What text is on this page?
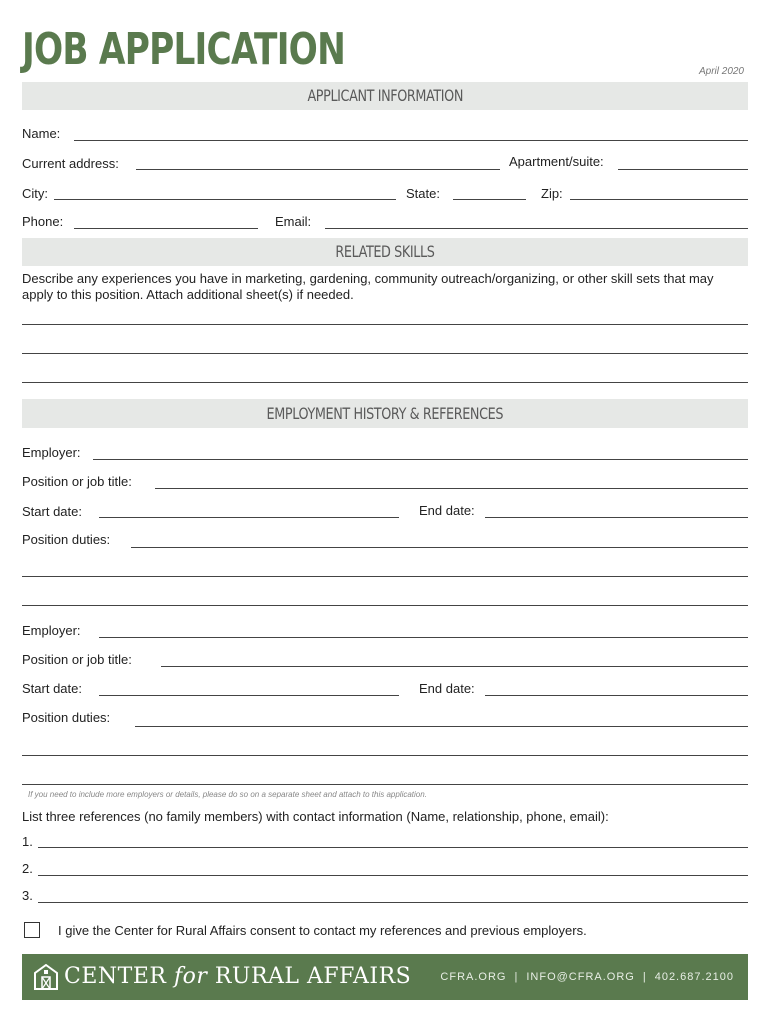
JOB APPLICATION	April 2020
APPLICANT INFORMATION
Name:
Current address:	Apartment/suite:
City:	State:	Zip:
Phone:	Email:
RELATED SKILLS
Describe any experiences you have in marketing, gardening, community outreach/organizing, or other skill sets that may apply to this position. Attach additional sheet(s) if needed.
EMPLOYMENT HISTORY & REFERENCES
Employer:
Position or job title:
Start date:	End date:
Position duties:
Employer:
Position or job title:
Start date:	End date:
Position duties:
If you need to include more employers or details, please do so on a separate sheet and attach to this application.
List three references (no family members) with contact information (Name, relationship, phone, email):
1.
2.
3.
I give the Center for Rural Affairs consent to contact my references and previous employers.
CENTER for RURAL AFFAIRS	CFRA.ORG | INFO@CFRA.ORG | 402.687.2100
